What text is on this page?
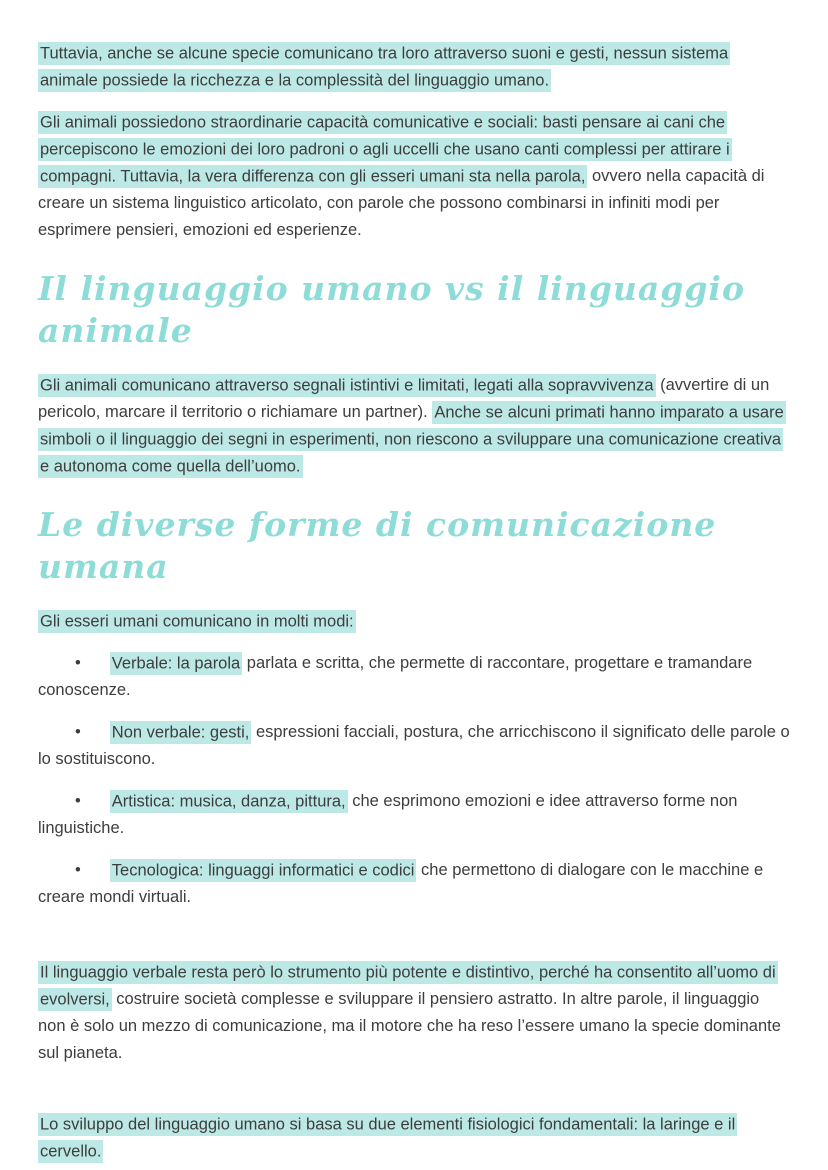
Tuttavia, anche se alcune specie comunicano tra loro attraverso suoni e gesti, nessun sistema animale possiede la ricchezza e la complessità del linguaggio umano.

Gli animali possiedono straordinarie capacità comunicative e sociali: basti pensare ai cani che percepiscono le emozioni dei loro padroni o agli uccelli che usano canti complessi per attirare i compagni. Tuttavia, la vera differenza con gli esseri umani sta nella parola, ovvero nella capacità di creare un sistema linguistico articolato, con parole che possono combinarsi in infiniti modi per esprimere pensieri, emozioni ed esperienze.

Il linguaggio umano vs il linguaggio animale

Gli animali comunicano attraverso segnali istintivi e limitati, legati alla sopravvivenza (avvertire di un pericolo, marcare il territorio o richiamare un partner). Anche se alcuni primati hanno imparato a usare simboli o il linguaggio dei segni in esperimenti, non riescono a sviluppare una comunicazione creativa e autonoma come quella dell’uomo.

Le diverse forme di comunicazione umana

Gli esseri umani comunicano in molti modi:

• Verbale: la parola parlata e scritta, che permette di raccontare, progettare e tramandare conoscenze.

• Non verbale: gesti, espressioni facciali, postura, che arricchiscono il significato delle parole o lo sostituiscono.

• Artistica: musica, danza, pittura, che esprimono emozioni e idee attraverso forme non linguistiche.

• Tecnologica: linguaggi informatici e codici che permettono di dialogare con le macchine e creare mondi virtuali.

Il linguaggio verbale resta però lo strumento più potente e distintivo, perché ha consentito all’uomo di evolversi, costruire società complesse e sviluppare il pensiero astratto. In altre parole, il linguaggio non è solo un mezzo di comunicazione, ma il motore che ha reso l’essere umano la specie dominante sul pianeta.

Lo sviluppo del linguaggio umano si basa su due elementi fisiologici fondamentali: la laringe e il cervello.
